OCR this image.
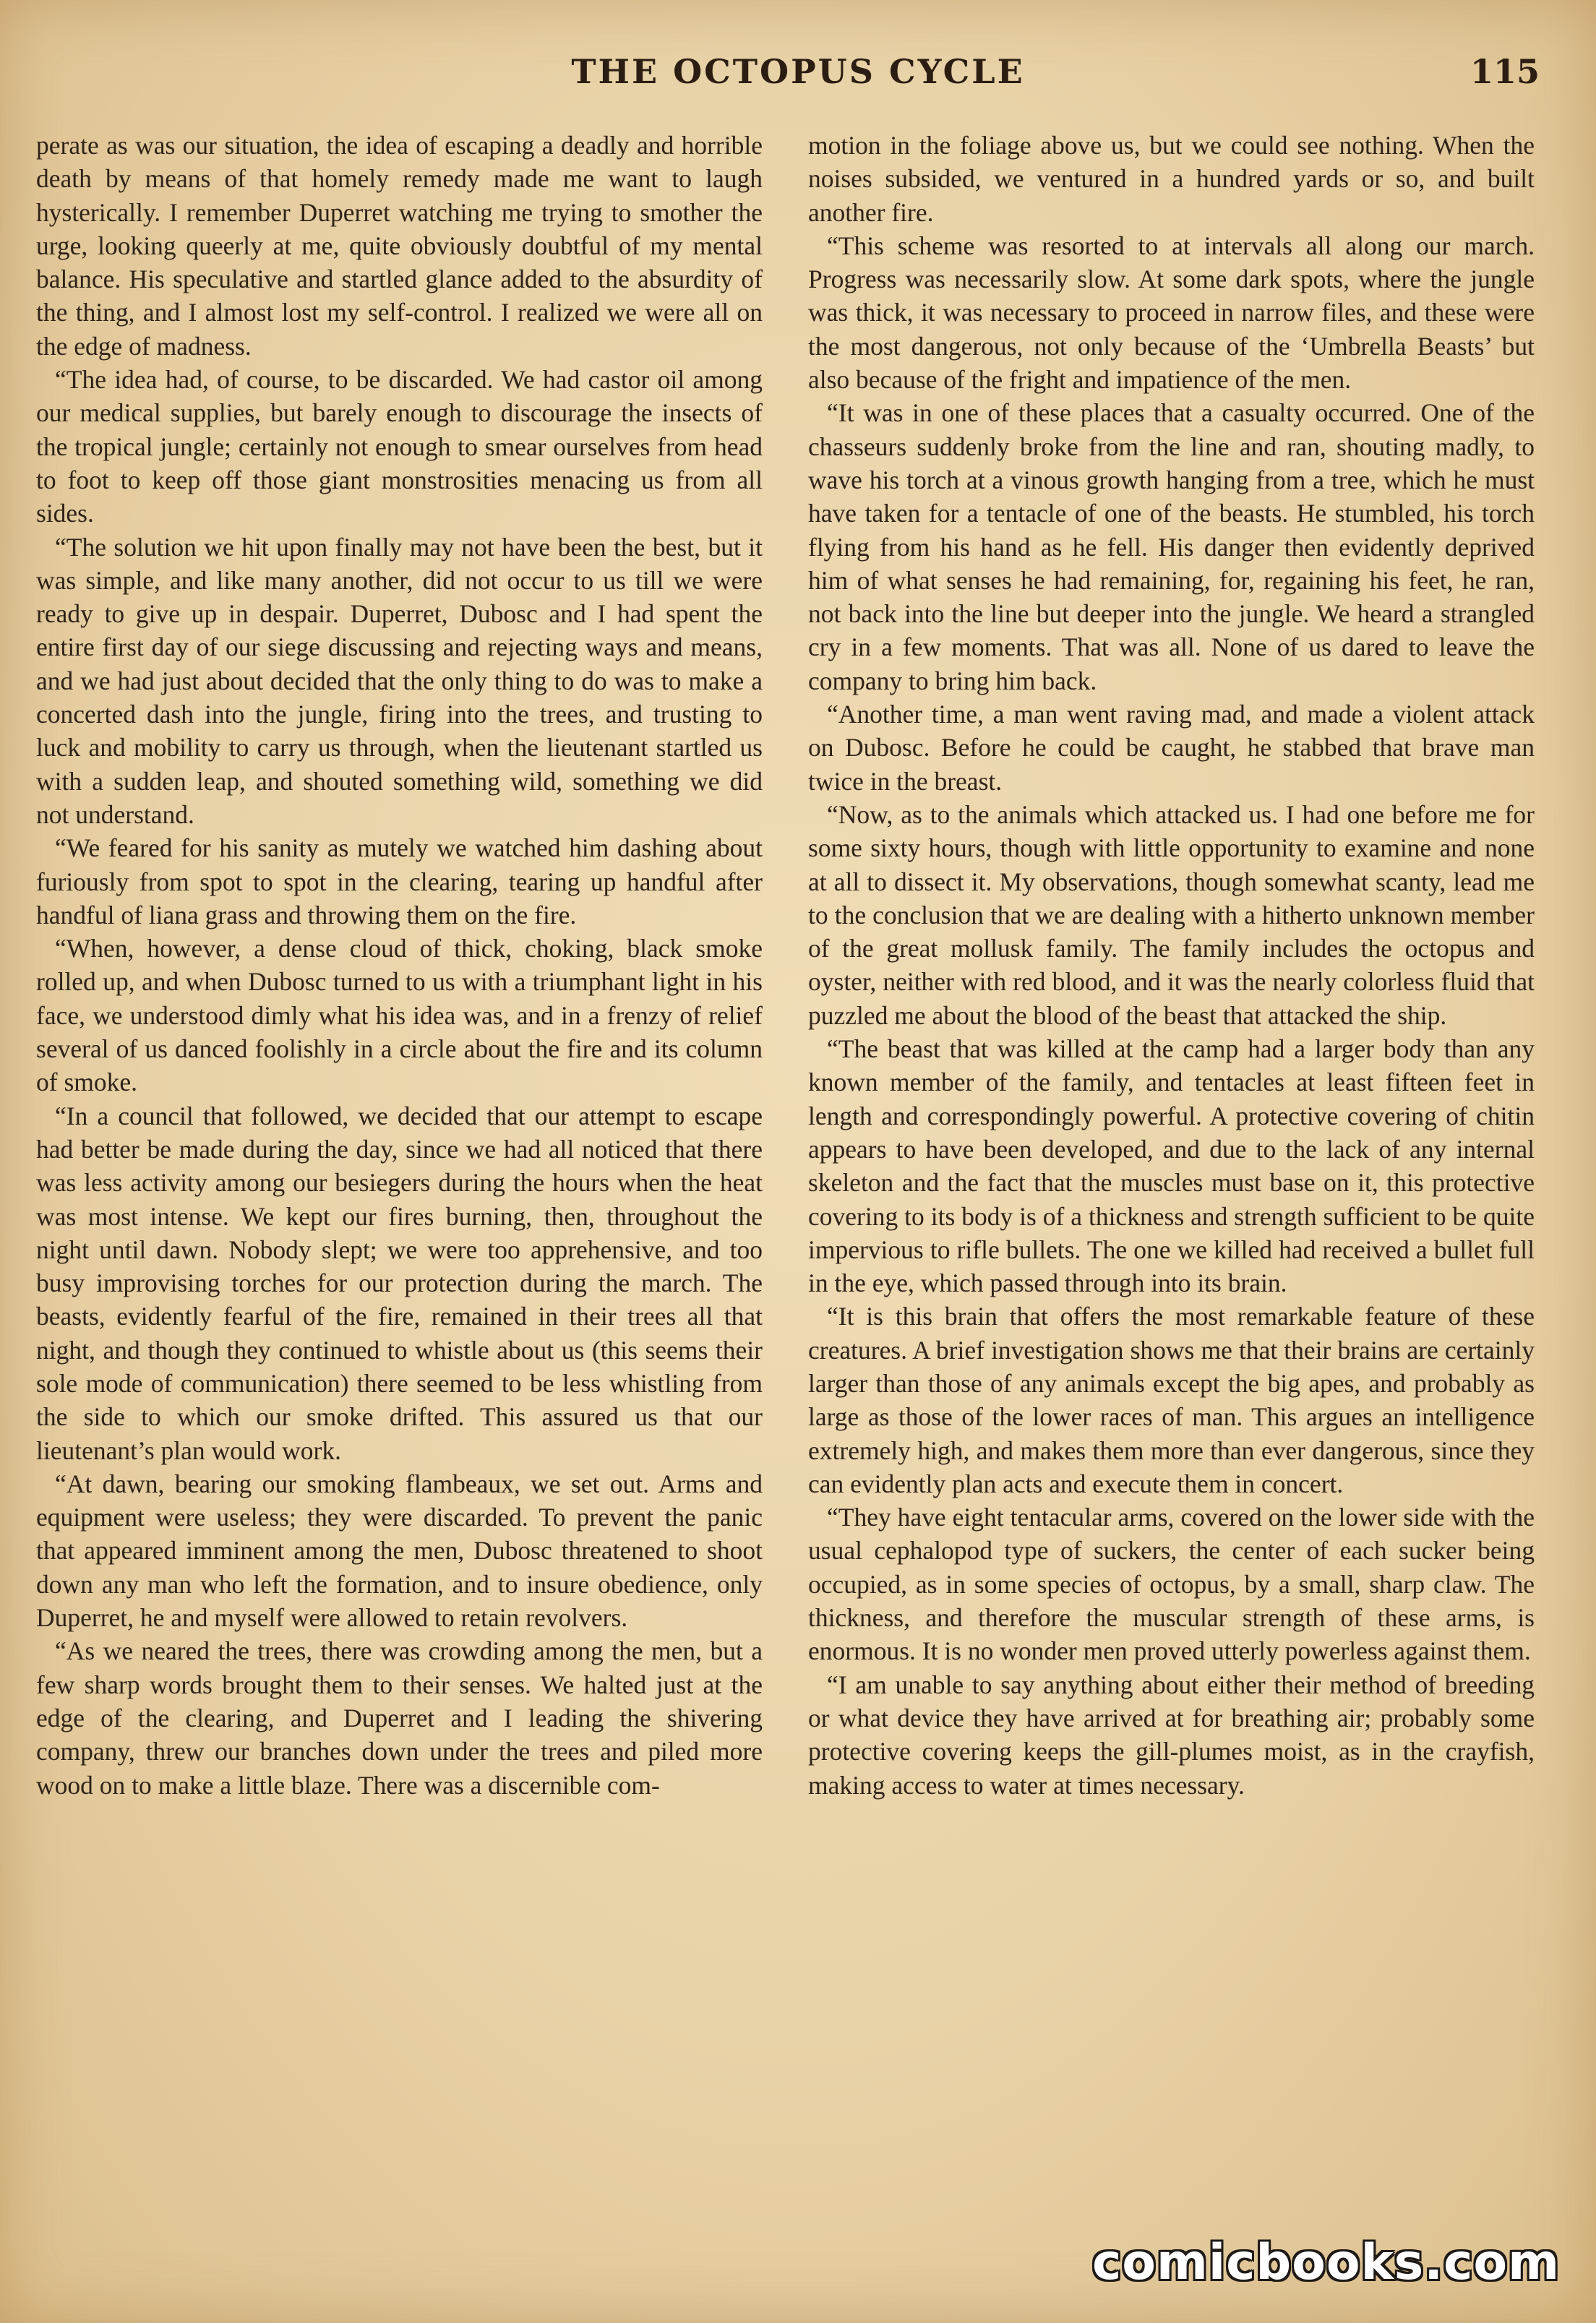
THE OCTOPUS CYCLE	115

perate as was our situation, the idea of escaping a deadly and horrible death by means of that homely remedy made me want to laugh hysterically. I remember Duperret watching me trying to smother the urge, looking queerly at me, quite obviously doubtful of my mental balance. His speculative and startled glance added to the absurdity of the thing, and I almost lost my self-control. I realized we were all on the edge of madness.

“The idea had, of course, to be discarded. We had castor oil among our medical supplies, but barely enough to discourage the insects of the tropical jungle; certainly not enough to smear ourselves from head to foot to keep off those giant monstrosities menacing us from all sides.

“The solution we hit upon finally may not have been the best, but it was simple, and like many another, did not occur to us till we were ready to give up in despair. Duperret, Dubosc and I had spent the entire first day of our siege discussing and rejecting ways and means, and we had just about decided that the only thing to do was to make a concerted dash into the jungle, firing into the trees, and trusting to luck and mobility to carry us through, when the lieutenant startled us with a sudden leap, and shouted something wild, something we did not understand.

“We feared for his sanity as mutely we watched him dashing about furiously from spot to spot in the clearing, tearing up handful after handful of liana grass and throwing them on the fire.

“When, however, a dense cloud of thick, choking, black smoke rolled up, and when Dubosc turned to us with a triumphant light in his face, we understood dimly what his idea was, and in a frenzy of relief several of us danced foolishly in a circle about the fire and its column of smoke.

“In a council that followed, we decided that our attempt to escape had better be made during the day, since we had all noticed that there was less activity among our besiegers during the hours when the heat was most intense. We kept our fires burning, then, throughout the night until dawn. Nobody slept; we were too apprehensive, and too busy improvising torches for our protection during the march. The beasts, evidently fearful of the fire, remained in their trees all that night, and though they continued to whistle about us (this seems their sole mode of communication) there seemed to be less whistling from the side to which our smoke drifted. This assured us that our lieutenant’s plan would work.

“At dawn, bearing our smoking flambeaux, we set out. Arms and equipment were useless; they were discarded. To prevent the panic that appeared imminent among the men, Dubosc threatened to shoot down any man who left the formation, and to insure obedience, only Duperret, he and myself were allowed to retain revolvers.

“As we neared the trees, there was crowding among the men, but a few sharp words brought them to their senses. We halted just at the edge of the clearing, and Duperret and I leading the shivering company, threw our branches down under the trees and piled more wood on to make a little blaze. There was a discernible com-

motion in the foliage above us, but we could see nothing. When the noises subsided, we ventured in a hundred yards or so, and built another fire.

“This scheme was resorted to at intervals all along our march. Progress was necessarily slow. At some dark spots, where the jungle was thick, it was necessary to proceed in narrow files, and these were the most dangerous, not only because of the ‘Umbrella Beasts’ but also because of the fright and impatience of the men.

“It was in one of these places that a casualty occurred. One of the chasseurs suddenly broke from the line and ran, shouting madly, to wave his torch at a vinous growth hanging from a tree, which he must have taken for a tentacle of one of the beasts. He stumbled, his torch flying from his hand as he fell. His danger then evidently deprived him of what senses he had remaining, for, regaining his feet, he ran, not back into the line but deeper into the jungle. We heard a strangled cry in a few moments. That was all. None of us dared to leave the company to bring him back.

“Another time, a man went raving mad, and made a violent attack on Dubosc. Before he could be caught, he stabbed that brave man twice in the breast.

“Now, as to the animals which attacked us. I had one before me for some sixty hours, though with little opportunity to examine and none at all to dissect it. My observations, though somewhat scanty, lead me to the conclusion that we are dealing with a hitherto unknown member of the great mollusk family. The family includes the octopus and oyster, neither with red blood, and it was the nearly colorless fluid that puzzled me about the blood of the beast that attacked the ship.

“The beast that was killed at the camp had a larger body than any known member of the family, and tentacles at least fifteen feet in length and correspondingly powerful. A protective covering of chitin appears to have been developed, and due to the lack of any internal skeleton and the fact that the muscles must base on it, this protective covering to its body is of a thickness and strength sufficient to be quite impervious to rifle bullets. The one we killed had received a bullet full in the eye, which passed through into its brain.

“It is this brain that offers the most remarkable feature of these creatures. A brief investigation shows me that their brains are certainly larger than those of any animals except the big apes, and probably as large as those of the lower races of man. This argues an intelligence extremely high, and makes them more than ever dangerous, since they can evidently plan acts and execute them in concert.

“They have eight tentacular arms, covered on the lower side with the usual cephalopod type of suckers, the center of each sucker being occupied, as in some species of octopus, by a small, sharp claw. The thickness, and therefore the muscular strength of these arms, is enormous. It is no wonder men proved utterly powerless against them.

“I am unable to say anything about either their method of breeding or what device they have arrived at for breathing air; probably some protective covering keeps the gill-plumes moist, as in the crayfish, making access to water at times necessary.

comicbooks.com
